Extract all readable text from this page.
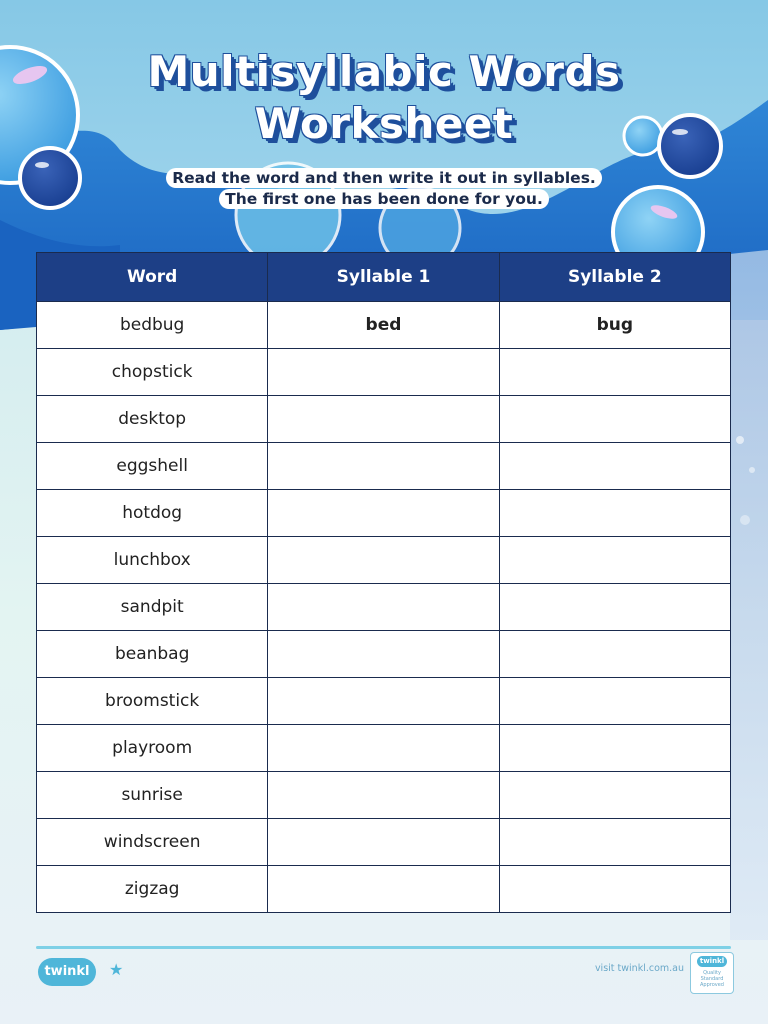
Multisyllabic Words
Worksheet
Read the word and then write it out in syllables.
The first one has been done for you.
Word	Syllable 1	Syllable 2
bedbug	bed	bug
chopstick		
desktop		
eggshell		
hotdog		
lunchbox		
sandpit		
beanbag		
broomstick		
playroom		
sunrise		
windscreen		
zigzag		
twinkl	★	visit twinkl.com.au
twinkl
Quality Standard Approved
